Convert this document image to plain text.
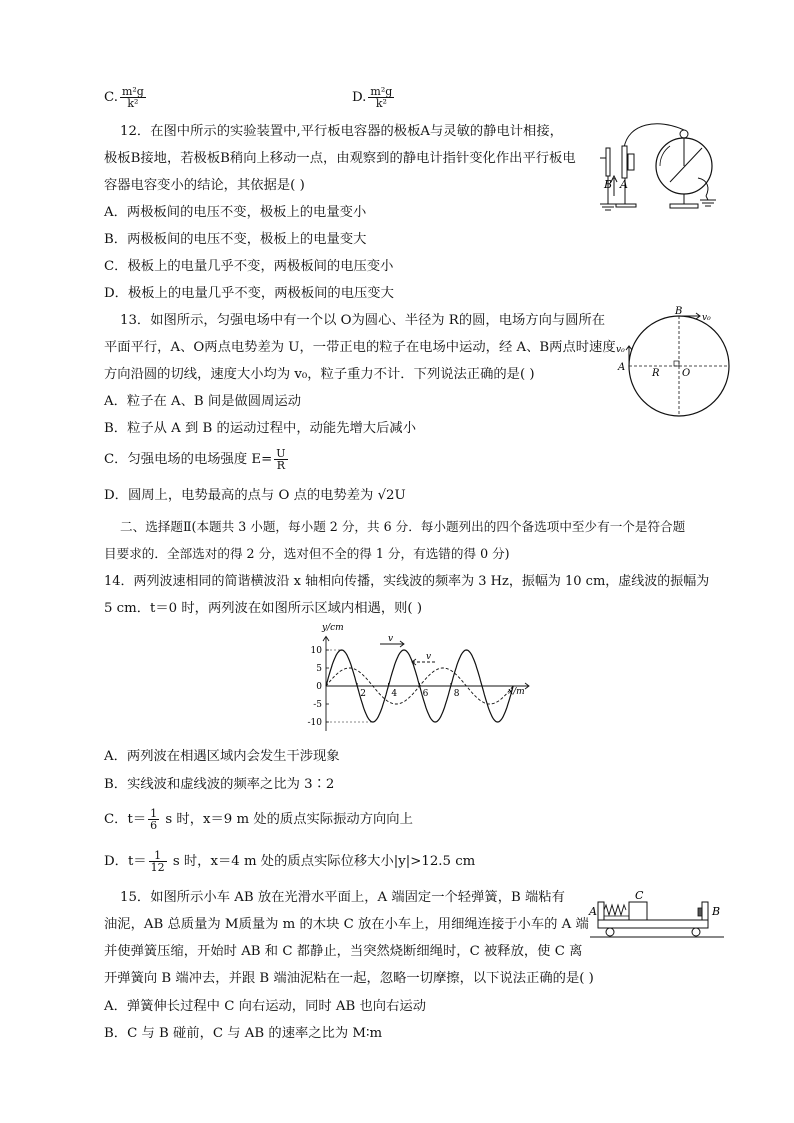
C. $\frac{\text{m²g}}{\text{k²}}$	D. $\frac{\text{m²g}}{\text{k²}}$
12．在图中所示的实验装置中,平行板电容器的极板A与灵敏的静电计相接，
极板B接地，若极板B稍向上移动一点，由观察到的静电计指针变化作出平行板电
容器电容变小的结论，其依据是( )
A．两极板间的电压不变，极板上的电量变小
B．两极板间的电压不变，极板上的电量变大
C．极板上的电量几乎不变，两极板间的电压变小
D．极板上的电量几乎不变，两极板间的电压变大
B A
13．如图所示，匀强电场中有一个以 O为圆心、半径为 R的圆，电场方向与圆所在
平面平行，A、O两点电势差为 U，一带正电的粒子在电场中运动，经 A、B两点时速度
方向沿圆的切线，速度大小均为 v₀，粒子重力不计．下列说法正确的是( )
A．粒子在 A、B 间是做圆周运动
B．粒子从 A 到 B 的运动过程中，动能先增大后减小
C．匀强电场的电场强度 $E= \frac{U}{R}$
D．圆周上，电势最高的点与 O 点的电势差为 √2U
B
v₀
v₀
A
R O
二、选择题Ⅱ(本题共 3 小题，每小题 2 分，共 6 分．每小题列出的四个备选项中至少有一个是符合题
目要求的．全部选对的得 2 分，选对但不全的得 1 分，有选错的得 0 分)
14．两列波速相同的简谐横波沿 x 轴相向传播，实线波的频率为 3 Hz，振幅为 10 cm，虚线波的振幅为
5 cm．t＝0 时，两列波在如图所示区域内相遇，则( )
10
5
0
-5
-10
2	4	6	8
y/cm
x/m
v
v
A．两列波在相遇区域内会发生干涉现象
B．实线波和虚线波的频率之比为 3∶2
C．$t= \frac{1}{6}$ s 时，x＝9 m 处的质点实际振动方向向上
D．$t= \frac{1}{12}$ s 时，x＝4 m 处的质点实际位移大小|y|>12.5 cm
15．如图所示小车 AB 放在光滑水平面上，A 端固定一个轻弹簧，B 端粘有
油泥，AB 总质量为 M质量为 m 的木块 C 放在小车上，用细绳连接于小车的 A 端
并使弹簧压缩，开始时 AB 和 C 都静止，当突然烧断细绳时，C 被释放，使 C 离
开弹簧向 B 端冲去，并跟 B 端油泥粘在一起，忽略一切摩擦，以下说法正确的是( )
A．弹簧伸长过程中 C 向右运动，同时 AB 也向右运动
B．C 与 B 碰前，C 与 AB 的速率之比为 M∶m
C
A	B
